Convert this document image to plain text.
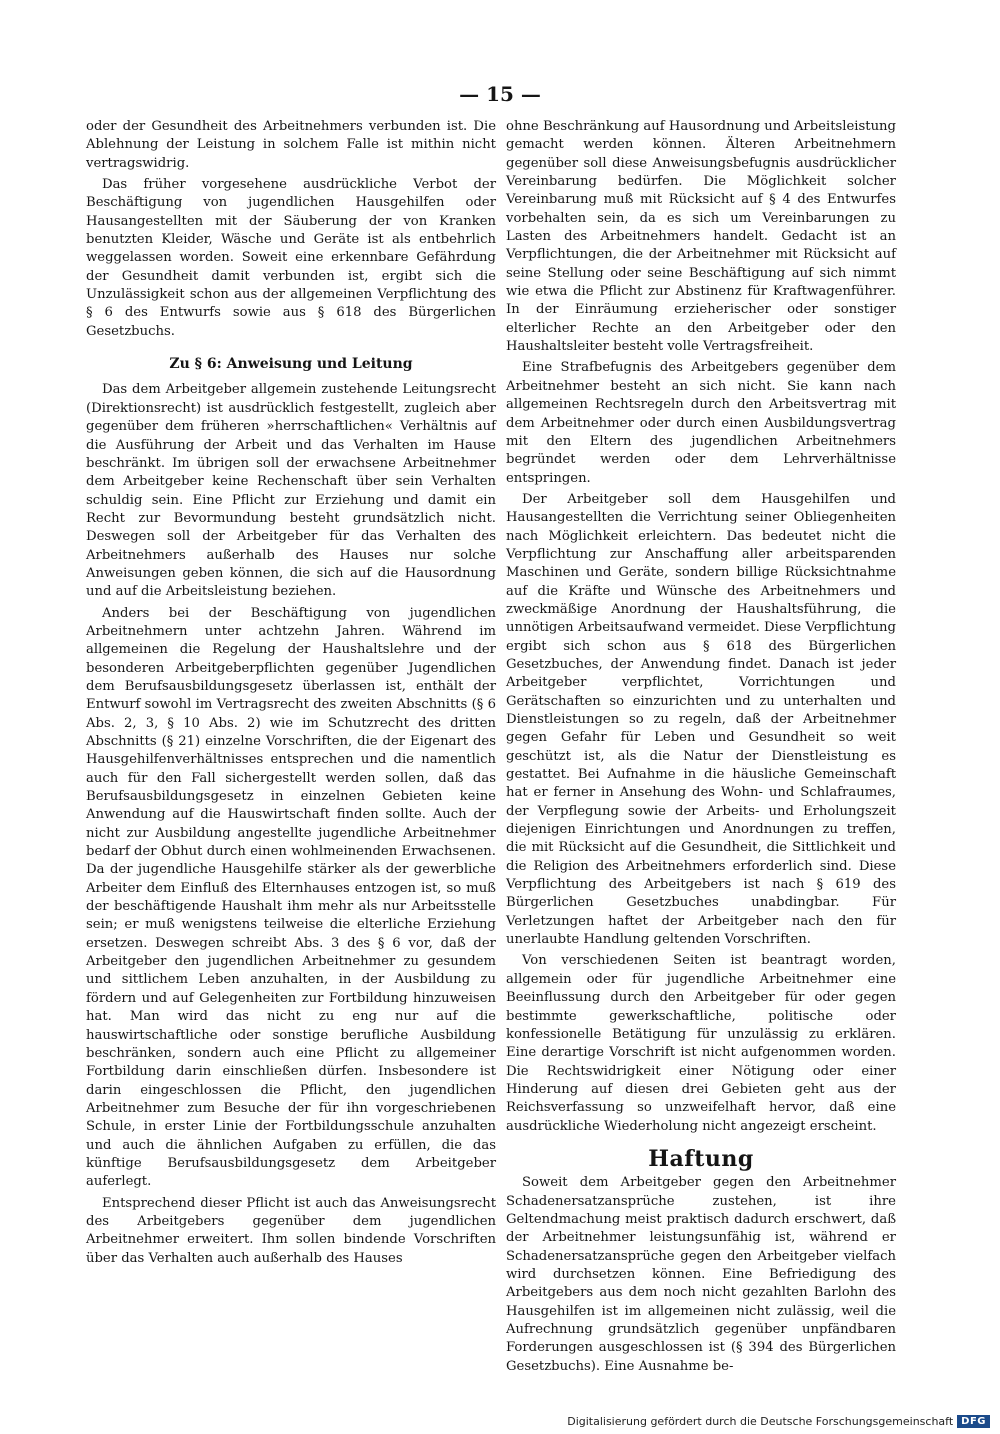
— 15 —

oder der Gesundheit des Arbeitnehmers verbunden ist. Die Ablehnung der Leistung in solchem Falle ist mithin nicht vertragswidrig.

Das früher vorgesehene ausdrückliche Verbot der Beschäftigung von jugendlichen Hausgehilfen oder Hausangestellten mit der Säuberung der von Kranken benutzten Kleider, Wäsche und Geräte ist als entbehrlich weggelassen worden. Soweit eine erkennbare Gefährdung der Gesundheit damit verbunden ist, ergibt sich die Unzulässigkeit schon aus der allgemeinen Verpflichtung des § 6 des Entwurfs sowie aus § 618 des Bürgerlichen Gesetzbuchs.

Zu § 6: Anweisung und Leitung

Das dem Arbeitgeber allgemein zustehende Leitungsrecht (Direktionsrecht) ist ausdrücklich festgestellt, zugleich aber gegenüber dem früheren »herrschaftlichen« Verhältnis auf die Ausführung der Arbeit und das Verhalten im Hause beschränkt. Im übrigen soll der erwachsene Arbeitnehmer dem Arbeitgeber keine Rechenschaft über sein Verhalten schuldig sein. Eine Pflicht zur Erziehung und damit ein Recht zur Bevormundung besteht grundsätzlich nicht. Deswegen soll der Arbeitgeber für das Verhalten des Arbeitnehmers außerhalb des Hauses nur solche Anweisungen geben können, die sich auf die Hausordnung und auf die Arbeitsleistung beziehen.

Anders bei der Beschäftigung von jugendlichen Arbeitnehmern unter achtzehn Jahren. Während im allgemeinen die Regelung der Haushaltslehre und der besonderen Arbeitgeberpflichten gegenüber Jugendlichen dem Berufsausbildungsgesetz überlassen ist, enthält der Entwurf sowohl im Vertragsrecht des zweiten Abschnitts (§ 6 Abs. 2, 3, § 10 Abs. 2) wie im Schutzrecht des dritten Abschnitts (§ 21) einzelne Vorschriften, die der Eigenart des Hausgehilfenverhältnisses entsprechen und die namentlich auch für den Fall sichergestellt werden sollen, daß das Berufsausbildungsgesetz in einzelnen Gebieten keine Anwendung auf die Hauswirtschaft finden sollte. Auch der nicht zur Ausbildung angestellte jugendliche Arbeitnehmer bedarf der Obhut durch einen wohlmeinenden Erwachsenen. Da der jugendliche Hausgehilfe stärker als der gewerbliche Arbeiter dem Einfluß des Elternhauses entzogen ist, so muß der beschäftigende Haushalt ihm mehr als nur Arbeitsstelle sein; er muß wenigstens teilweise die elterliche Erziehung ersetzen. Deswegen schreibt Abs. 3 des § 6 vor, daß der Arbeitgeber den jugendlichen Arbeitnehmer zu gesundem und sittlichem Leben anzuhalten, in der Ausbildung zu fördern und auf Gelegenheiten zur Fortbildung hinzuweisen hat. Man wird das nicht zu eng nur auf die hauswirtschaftliche oder sonstige berufliche Ausbildung beschränken, sondern auch eine Pflicht zu allgemeiner Fortbildung darin einschließen dürfen. Insbesondere ist darin eingeschlossen die Pflicht, den jugendlichen Arbeitnehmer zum Besuche der für ihn vorgeschriebenen Schule, in erster Linie der Fortbildungsschule anzuhalten und auch die ähnlichen Aufgaben zu erfüllen, die das künftige Berufsausbildungsgesetz dem Arbeitgeber auferlegt.

Entsprechend dieser Pflicht ist auch das Anweisungsrecht des Arbeitgebers gegenüber dem jugendlichen Arbeitnehmer erweitert. Ihm sollen bindende Vorschriften über das Verhalten auch außerhalb des Hauses

ohne Beschränkung auf Hausordnung und Arbeitsleistung gemacht werden können. Älteren Arbeitnehmern gegenüber soll diese Anweisungsbefugnis ausdrücklicher Vereinbarung bedürfen. Die Möglichkeit solcher Vereinbarung muß mit Rücksicht auf § 4 des Entwurfes vorbehalten sein, da es sich um Vereinbarungen zu Lasten des Arbeitnehmers handelt. Gedacht ist an Verpflichtungen, die der Arbeitnehmer mit Rücksicht auf seine Stellung oder seine Beschäftigung auf sich nimmt wie etwa die Pflicht zur Abstinenz für Kraftwagenführer. In der Einräumung erzieherischer oder sonstiger elterlicher Rechte an den Arbeitgeber oder den Haushaltsleiter besteht volle Vertragsfreiheit.

Eine Strafbefugnis des Arbeitgebers gegenüber dem Arbeitnehmer besteht an sich nicht. Sie kann nach allgemeinen Rechtsregeln durch den Arbeitsvertrag mit dem Arbeitnehmer oder durch einen Ausbildungsvertrag mit den Eltern des jugendlichen Arbeitnehmers begründet werden oder dem Lehrverhältnisse entspringen.

Der Arbeitgeber soll dem Hausgehilfen und Hausangestellten die Verrichtung seiner Obliegenheiten nach Möglichkeit erleichtern. Das bedeutet nicht die Verpflichtung zur Anschaffung aller arbeitsparenden Maschinen und Geräte, sondern billige Rücksichtnahme auf die Kräfte und Wünsche des Arbeitnehmers und zweckmäßige Anordnung der Haushaltsführung, die unnötigen Arbeitsaufwand vermeidet. Diese Verpflichtung ergibt sich schon aus § 618 des Bürgerlichen Gesetzbuches, der Anwendung findet. Danach ist jeder Arbeitgeber verpflichtet, Vorrichtungen und Gerätschaften so einzurichten und zu unterhalten und Dienstleistungen so zu regeln, daß der Arbeitnehmer gegen Gefahr für Leben und Gesundheit so weit geschützt ist, als die Natur der Dienstleistung es gestattet. Bei Aufnahme in die häusliche Gemeinschaft hat er ferner in Ansehung des Wohn- und Schlafraumes, der Verpflegung sowie der Arbeits- und Erholungszeit diejenigen Einrichtungen und Anordnungen zu treffen, die mit Rücksicht auf die Gesundheit, die Sittlichkeit und die Religion des Arbeitnehmers erforderlich sind. Diese Verpflichtung des Arbeitgebers ist nach § 619 des Bürgerlichen Gesetzbuches unabdingbar. Für Verletzungen haftet der Arbeitgeber nach den für unerlaubte Handlung geltenden Vorschriften.

Von verschiedenen Seiten ist beantragt worden, allgemein oder für jugendliche Arbeitnehmer eine Beeinflussung durch den Arbeitgeber für oder gegen bestimmte gewerkschaftliche, politische oder konfessionelle Betätigung für unzulässig zu erklären. Eine derartige Vorschrift ist nicht aufgenommen worden. Die Rechtswidrigkeit einer Nötigung oder einer Hinderung auf diesen drei Gebieten geht aus der Reichsverfassung so unzweifelhaft hervor, daß eine ausdrückliche Wiederholung nicht angezeigt erscheint.

Haftung

Soweit dem Arbeitgeber gegen den Arbeitnehmer Schadenersatzansprüche zustehen, ist ihre Geltendmachung meist praktisch dadurch erschwert, daß der Arbeitnehmer leistungsunfähig ist, während er Schadenersatzansprüche gegen den Arbeitgeber vielfach wird durchsetzen können. Eine Befriedigung des Arbeitgebers aus dem noch nicht gezahlten Barlohn des Hausgehilfen ist im allgemeinen nicht zulässig, weil die Aufrechnung grundsätzlich gegenüber unpfändbaren Forderungen ausgeschlossen ist (§ 394 des Bürgerlichen Gesetzbuchs). Eine Ausnahme be-

Digitalisierung gefördert durch die Deutsche Forschungsgemeinschaft DFG
